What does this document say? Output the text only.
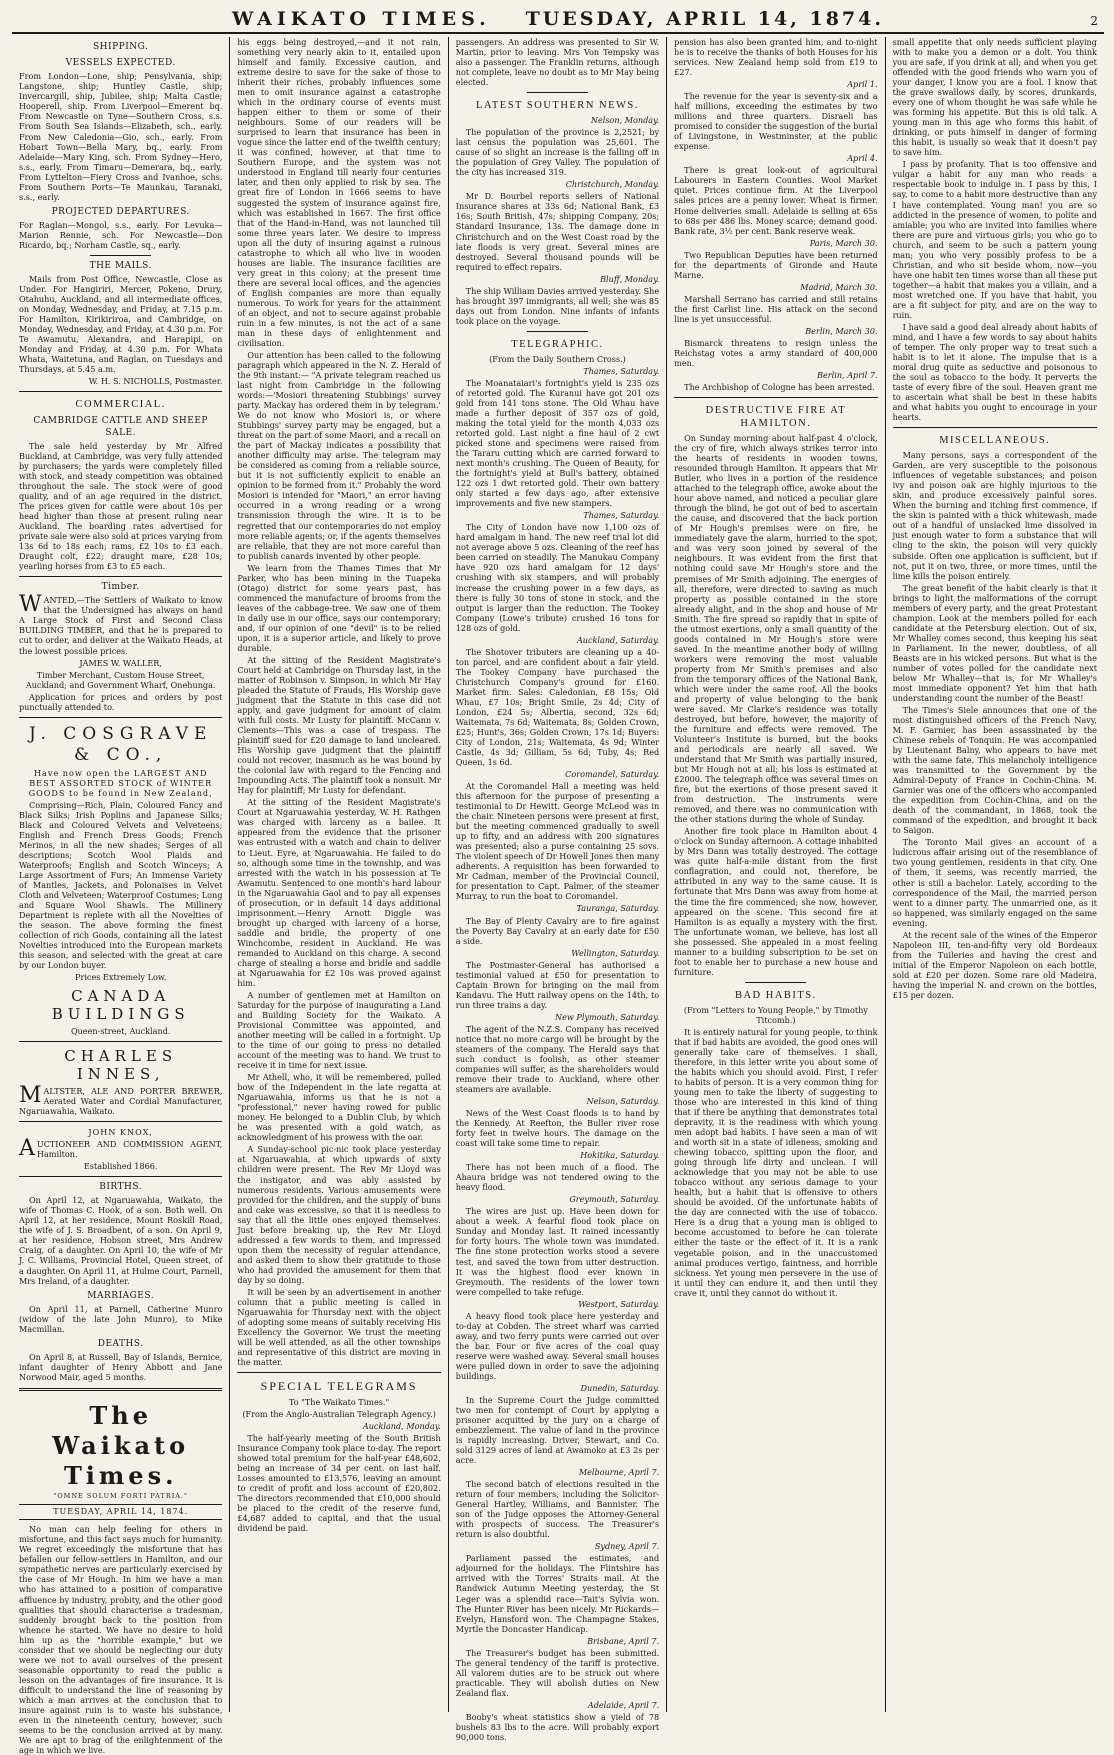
WAIKATO TIMES. TUESDAY, APRIL 14, 1874.	2
SHIPPING.
VESSELS EXPECTED.

From London—Lone, ship; Pensylvania, ship; Langstone, ship; Huntley Castle, ship; Invercargill, ship, Jubilee, ship; Malta Castle; Hooperell, ship. From Liverpool—Emerent bq. From Newcastle on Tyne—Southern Cross, s.s. From South Sea Islands—Elizabeth, sch., early. From New Caledonia—Gio, sch., early. From Hobart Town—Bella Mary, bq., early. From Adelaide—Mary King, sch. From Sydney—Hero, s.s., early. From Timaru—Demerara, bq., early. From Lyttelton—Fiery Cross and Ivanhoe, schs. From Southern Ports—Te Maunkau, Taranaki, s.s., early.

PROJECTED DEPARTURES.

For Raglan—Mongol, s.s., early. For Levuka—Marion Rennie, sch. For Newcastle—Don Ricardo, bq.; Norham Castle, sq., early.

THE MAILS.

Mails from Post Office, Newcastle, Close as Under. For Hangiriri, Mercer, Pokeno, Drury, Otahuhu, Auckland, and all intermediate offices, on Monday, Wednesday, and Friday, at 7.15 p.m. For Hamilton, Kirikiriroa, and Cambridge, on Monday, Wednesday, and Friday, at 4.30 p.m. For Te Awamutu, Alexandra, and Harapipi, on Monday and Friday, at 4.30 p.m. For Whata Whata, Waitetuna, and Raglan, on Tuesdays and Thursdays, at 5.45 a.m.

W. H. S. NICHOLLS, Postmaster.

COMMERCIAL.
CAMBRIDGE CATTLE AND SHEEP SALE.

The sale held yesterday by Mr Alfred Buckland, at Cambridge, was very fully attended by purchasers; the yards were completely filled with stock, and steady competition was obtained throughout the sale. The stock were of good quality, and of an age required in the district. The prices given for cattle were about 10s per head higher than those at present ruling near Auckland. The boarding rates advertised for private sale were also sold at prices varying from 13s 6d to 18s each; rams, £2 10s to £3 each. Draught colt, £22; draught mare, £28 10s; yearling horses from £3 to £5 each.

Timber.

WANTED,—The Settlers of Waikato to know that the Undersigned has always on hand A Large Stock of First and Second Class BUILDING TIMBER, and that he is prepared to cut to order, and deliver at the Waikato Heads, at the lowest possible prices.

JAMES W. WALLER,

Timber Merchant, Custom House Street, Auckland; and Government Wharf, Onehunga.

Application for prices and orders by post punctually attended to.

J. COSGRAVE & CO.,

Have now open the LARGEST AND BEST ASSORTED STOCK of WINTER GOODS to be found in New Zealand,

Comprising—Rich, Plain, Coloured Fancy and Black Silks; Irish Poplins and Japanese Silks; Black and Coloured Velvets and Velveteens; English and French Dress Goods; French Merinos, in all the new shades; Serges of all descriptions; Scotch Wool Plaids and Waterproofs; English and Scotch Winceys; A Large Assortment of Furs; An Immense Variety of Mantles, Jackets, and Polonaises in Velvet Cloth and Velveteen; Waterproof Costumes; Long and Square Wool Shawls. The Millinery Department is replete with all the Novelties of the season. The above forming the finest collection of rich Goods, containing all the latest Novelties introduced into the European markets this season, and selected with the great at care by our London buyer.

Prices Extremely Low.

CANADA BUILDINGS

Queen-street, Auckland.

CHARLES INNES,

MALTSTER, ALE AND PORTER BREWER, Aerated Water and Cordial Manufacturer, Ngaruawahia, Waikato.

JOHN KNOX,

AUCTIONEER AND COMMISSION AGENT, Hamilton.

Established 1866.

BIRTHS.

On April 12, at Ngaruawahia, Waikato, the wife of Thomas C. Hook, of a son. Both well. On April 12, at her residence, Mount Roskill Road, the wife of J. S. Broadbent, of a son. On April 9, at her residence, Hobson street, Mrs Andrew Craig, of a daughter. On April 10, the wife of Mr J. C. Williams, Provincial Hotel, Queen street, of a daughter. On April 11, at Hulme Court, Parnell, Mrs Ireland, of a daughter.

MARRIAGES.

On April 11, at Parnell, Catherine Munro (widow of the late John Munro), to Mike Macmillan.

DEATHS.

On April 8, at Russell, Bay of Islands, Bernice, infant daughter of Henry Abbott and Jane Norwood Mair, aged 5 months.

The Waikato Times.
"OMNE SOLUM FORTI PATRIA."

TUESDAY, APRIL 14, 1874.

No man can help feeling for others in misfortune, and this fact says much for humanity. We regret exceedingly the misfortune that has befallen our fellow-settlers in Hamilton, and our sympathetic nerves are particularly exercised by the case of Mr Hough. In him we have a man who has attained to a position of comparative affluence by industry, probity, and the other good qualities that should characterise a tradesman, suddenly brought back to the position from whence he started. We have no desire to hold him up as the "horrible example," but we consider that we should be neglecting our duty were we not to avail ourselves of the present seasonable opportunity to read the public a lesson on the advantages of fire insurance. It is difficult to understand the line of reasoning by which a man arrives at the conclusion that to insure against ruin is to waste his substance, even in the nineteenth century, however, such seems to be the conclusion arrived at by many. We are apt to brag of the enlightenment of the age in which we live.

his eggs being destroyed,—and it not rain, something very nearly akin to it, entailed upon himself and family. Excessive caution, and extreme desire to save for the sake of those to inherit their riches, probably influences some men to omit insurance against a catastrophe which in the ordinary course of events must happen either to them or some of their neighbours. Some of our readers will be surprised to learn that insurance has been in vogue since the latter end of the twelfth century; it was confined, however, at that time to Southern Europe, and the system was not understood in England till nearly four centuries later, and then only applied to risk by sea. The great fire of London in 1666 seems to have suggested the system of insurance against fire, which was established in 1667. The first office that of the Hand-in-Hand, was not launched till some three years later. We desire to impress upon all the duty of insuring against a ruinous catastrophe to which all who live in wooden houses are liable. The insurance facilities are very great in this colony; at the present time there are several local offices, and the agencies of English companies are more than equally numerous. To work for years for the attainment of an object, and not to secure against probable ruin in a few minutes, is not the act of a sane man in these days of enlightenment and civilisation.

Our attention has been called to the following paragraph which appeared in the N. Z. Herald of the 9th instant:— "A private telegram reached us last night from Cambridge in the following words:—'Mosiori threatening Stubbings' survey party. Mackay has ordered them in by telegram.' We do not know who Mosiori is, or where Stubbings' survey party may be engaged, but a threat on the part of some Maori, and a recall on the part of Mackay indicates a possibility that another difficulty may arise. The telegram may be considered as coming from a reliable source, but it is not sufficiently explicit to enable an opinion to be formed from it." Probably the word Mosiori is intended for "Maori," an error having occurred in a wrong reading or a wrong transmission through the wire. It is to be regretted that our contemporaries do not employ more reliable agents; or, if the agents themselves are reliable, that they are not more careful than to publish canards invented by other people.

We learn from the Thames Times that Mr Parker, who has been mining in the Tuapeka (Otago) district for some years past, has commenced the manufacture of brooms from the leaves of the cabbage-tree. We saw one of them in daily use in our office, says our contemporary; and, if our opinion of one "devil" is to be relied upon, it is a superior article, and likely to prove durable.

At the sitting of the Resident Magistrate's Court held at Cambridge on Thursday last, in the matter of Robinson v. Simpson, in which Mr Hay pleaded the Statute of Frauds, His Worship gave judgment that the Statute in this case did not apply, and gave judgment for amount of claim with full costs. Mr Lusty for plaintiff. McCann v. Clements—This was a case of trespass. The plaintiff sued for £20 damage to land uncleared. His Worship gave judgment that the plaintiff could not recover, inasmuch as he was bound by the colonial law with regard to the Fencing and Impounding Acts. The plaintiff took a nonsuit. Mr Hay for plaintiff; Mr Lusty for defendant.

At the sitting of the Resident Magistrate's Court at Ngaruawahia yesterday, W. H. Rathgen was charged with larceny as a bailee. It appeared from the evidence that the prisoner was entrusted with a watch and chain to deliver to Lieut. Eyre, at Ngaruawahia. He failed to do so, although some time in the township, and was arrested with the watch in his possession at Te Awamutu. Sentenced to one month's hard labour in the Ngaruawahia Gaol and to pay all expenses of prosecution, or in default 14 days additional imprisonment.—Henry Arnott Diggle was brought up charged with larceny of a horse, saddle and bridle, the property of one Winchcombe, resident in Auckland. He was remanded to Auckland on this charge. A second charge of stealing a horse and bridle and saddle at Ngaruawahia for £2 10s was proved against him.

A number of gentlemen met at Hamilton on Saturday for the purpose of inaugurating a Land and Building Society for the Waikato. A Provisional Committee was appointed, and another meeting will be called in a fortnight. Up to the time of our going to press no detailed account of the meeting was to hand. We trust to receive it in time for next issue.

Mr Athell, who, it will be remembered, pulled bow of the Independent in the late regatta at Ngaruawahia, informs us that he is not a "professional," never having rowed for public money. He belonged to a Dublin Club, by which he was presented with a gold watch, as acknowledgment of his prowess with the oar.

A Sunday-school pic-nic took place yesterday at Ngaruawahia, at which upwards of sixty children were present. The Rev Mr Lloyd was the instigator, and was ably assisted by numerous residents. Various amusements were provided for the children, and the supply of buns and cake was excessive, so that it is needless to say that all the little ones enjoyed themselves. Just before breaking up, the Rev Mr Lloyd addressed a few words to them, and impressed upon them the necessity of regular attendance, and asked them to show their gratitude to those who had provided the amusement for them that day by so doing.

It will be seen by an advertisement in another column that a public meeting is called in Ngaruawahia for Thursday next with the object of adopting some means of suitably receiving His Excellency the Governor. We trust the meeting will be well attended, as all the other townships and representative of this district are moving in the matter.

SPECIAL TELEGRAMS

To "The Waikato Times."

(From the Anglo-Australian Telegraph Agency.)

Auckland, Monday.

The half-yearly meeting of the South British Insurance Company took place to-day. The report showed total premium for the half-year £48,602, being an increase of 34 per cent. on last half. Losses amounted to £13,576, leaving an amount to credit of profit and loss account of £20,802. The directors recommended that £10,000 should be placed to the credit of the reserve fund, £4,687 added to capital, and that the usual dividend be paid.

passengers. An address was presented to Sir W. Martin, prior to leaving. Mrs Von Tempsky was also a passenger. The Franklin returns, although not complete, leave no doubt as to Mr May being elected.

LATEST SOUTHERN NEWS.

Nelson, Monday.

The population of the province is 2,2521; by last census the population was 25,601. The cause of so slight an increase is the falling off in the population of Grey Valley. The population of the city has increased 319.

Christchurch, Monday.

Mr D. Bourbel reports sellers of National Insurance shares at 33s 6d; National Bank, £3 16s; South British, 47s; shipping Company, 20s; Standard Insurance, 13s. The damage done in Christchurch and on the West Coast road by the late floods is very great. Several mines are destroyed. Several thousand pounds will be required to effect repairs.

Bluff, Monday.

The ship William Davies arrived yesterday. She has brought 397 immigrants, all well; she was 85 days out from London. Nine infants of infants took place on the voyage.

TELEGRAPHIC.

(From the Daily Southern Cross.)

Thames, Saturday.

The Moanataiari's fortnight's yield is 235 ozs of retorted gold. The Kuranui have got 201 ozs gold from 141 tons stone. The Old Whau have made a further deposit of 357 ozs of gold, making the total yield for the month 4,033 ozs retorted gold. Last night a fine haul of 2 cwt picked stone and specimens were raised from the Tararu cutting which are carried forward to next month's crushing. The Queen of Beauty, for the fortnight's yield at Bull's battery, obtained 122 ozs 1 dwt retorted gold. Their own battery only started a few days ago, after extensive improvements and five new stampers.

Thames, Saturday.

The City of London have now 1,100 ozs of hard amalgam in hand. The new reef trial lot did not average above 5 ozs. Cleaning of the reef has been carried on steadily. The Manukau Company have 920 ozs hard amalgam for 12 days' crushing with six stampers, and will probably increase the crushing power in a few days, as there is fully 30 tons of stone in stock, and the output is larger than the reduction. The Tookey Company (Lowe's tribute) crushed 16 tons for 128 ozs of gold.

Auckland, Saturday.

The Shotover tributers are cleaning up a 40-ton parcel, and are confident about a fair yield. The Tookey Company have purchased the Christchurch Company's ground for £160. Market firm. Sales: Caledonian, £8 15s; Old Whau, £7 10s; Bright Smile, 2s 4d; City of London, £24 5s; Albertia, second, 32s 6d; Waitemata, 7s 6d; Waitemata, 8s; Golden Crown, £25; Hunt's, 36s; Golden Crown, 17s 1d; Buyers: City of London, 21s; Waitemata, 4s 9d; Winter Castle, 4s 3d; Gilliam, 5s 6d; Tuby, 4s; Red Queen, 1s 6d.

Coromandel, Saturday.

At the Coromandel Hall a meeting was held this afternoon for the purpose of presenting a testimonial to Dr Hewitt. George McLeod was in the chair. Nineteen persons were present at first, but the meeting commenced gradually to swell up to fifty, and an address with 200 signatures was presented; also a purse containing 25 sovs. The violent speech of Dr Howell Jones then many adherents. A requisition has been forwarded to Mr Cadman, member of the Provincial Council, for presentation to Capt. Palmer, of the steamer Murray, to run the boat to Coromandel.

Tauranga, Saturday.

The Bay of Plenty Cavalry are to fire against the Poverty Bay Cavalry at an early date for £50 a side.

Wellington, Saturday.

The Postmaster-General has authorised a testimonial valued at £50 for presentation to Captain Brown for bringing on the mail from Kandavu. The Hutt railway opens on the 14th, to run three trains a day.

New Plymouth, Saturday.

The agent of the N.Z.S. Company has received notice that no more cargo will be brought by the steamers of the company. The Herald says that such conduct is foolish, as other steamer companies will suffer, as the shareholders would remove their trade to Auckland, where other steamers are available.

Nelson, Saturday.

News of the West Coast floods is to hand by the Kennedy. At Reefton, the Buller river rose forty feet in twelve hours. The damage on the coast will take some time to repair.

Hokitika, Saturday.

There has not been much of a flood. The Ahaura bridge was not tendered owing to the heavy flood.

Greymouth, Saturday.

The wires are just up. Have been down for about a week. A fearful flood took place on Sunday and Monday last. It rained incessantly for forty hours. The whole town was inundated. The fine stone protection works stood a severe test, and saved the town from utter destruction. It was the highest flood ever known in Greymouth. The residents of the lower town were compelled to take refuge.

Westport, Saturday.

A heavy flood took place here yesterday and to-day at Cobden. The street wharf was carried away, and two ferry punts were carried out over the bar. Four or five acres of the coal quay reserve were washed away. Several small houses were pulled down in order to save the adjoining buildings.

Dunedin, Saturday.

In the Supreme Court the Judge committed two men for contempt of Court by applying a prisoner acquitted by the jury on a charge of embezzlement. The value of land in the province is rapidly increasing. Driver, Stewart, and Co. sold 3129 acres of land at Awamoko at £3 2s per acre.

Melbourne, April 7.

The second batch of elections resulted in the return of four members, including the Solicitor-General Hartley, Williams, and Bannister. The son of the Judge opposes the Attorney-General with prospects of success. The Treasurer's return is also doubtful.

Sydney, April 7.

Parliament passed the estimates, and adjourned for the holidays. The Flintshire has arrived with the Torres' Straits mail. At the Randwick Autumn Meeting yesterday, the St Leger was a splendid race—Tait's Sylvia won. The Hunter River has been nicely. Mr Rickards—Evelyn, Hansford won. The Champagne Stakes, Myrtle the Doncaster Handicap.

Brisbane, April 7.

The Treasurer's budget has been submitted. The general tendency of the tariff is protective. All valorem duties are to be struck out where practicable. They will abolish duties on New Zealand flax.

Adelaide, April 7.

Booby's wheat statistics show a yield of 78 bushels 83 lbs to the acre. Will probably export 90,000 tons.

pension has also been granted him, and to-night he is to receive the thanks of both Houses for his services. New Zealand hemp sold from £19 to £27.

April 1.

The revenue for the year is seventy-six and a half millions, exceeding the estimates by two millions and three quarters. Disraeli has promised to consider the suggestion of the burial of Livingstone, in Westminster, at the public expense.

April 4.

There is great look-out of agricultural Labourers in Eastern Counties. Wool Market quiet. Prices continue firm. At the Liverpool sales prices are a penny lower. Wheat is firmer. Home deliveries small. Adelaide is selling at 65s to 68s per 486 lbs. Money scarce; demand good. Bank rate, 3½ per cent. Bank reserve weak.

Paris, March 30.

Two Republican Deputies have been returned for the departments of Gironde and Haute Marne.

Madrid, March 30.

Marshall Serrano has carried and still retains the first Carlist line. His attack on the second line is yet unsuccessful.

Berlin, March 30.

Bismarck threatens to resign unless the Reichstag votes a army standard of 400,000 men.

Berlin, April 7.

The Archbishop of Cologne has been arrested.

DESTRUCTIVE FIRE AT HAMILTON.

On Sunday morning about half-past 4 o'clock, the cry of fire, which always strikes terror into the hearts of residents in wooden towns, resounded through Hamilton. It appears that Mr Butler, who lives in a portion of the residence attached to the telegraph office, awoke about the hour above named, and noticed a peculiar glare through the blind, he got out of bed to ascertain the cause, and discovered that the back portion of Mr Hough's premises were on fire, he immediately gave the alarm, hurried to the spot, and was very soon joined by several of the neighbours. It was evident from the first that nothing could save Mr Hough's store and the premises of Mr Smith adjoining. The energies of all, therefore, were directed to saving as much property as possible contained in the store already alight, and in the shop and house of Mr Smith. The fire spread so rapidly that in spite of the utmost exertions, only a small quantity of the goods contained in Mr Hough's store were saved. In the meantime another body of willing workers were removing the most valuable property from Mr Smith's premises and also from the temporary offices of the National Bank, which were under the same roof. All the books and property of value belonging to the bank were saved. Mr Clarke's residence was totally destroyed, but before, however, the majority of the furniture and effects were removed. The Volunteer's Institute is burned, but the books and periodicals are nearly all saved. We understand that Mr Smith was partially insured, but Mr Hough not at all; his loss is estimated at £2000. The telegraph office was several times on fire, but the exertions of those present saved it from destruction. The instruments were removed, and there was no communication with the other stations during the whole of Sunday.

Another fire took place in Hamilton about 4 o'clock on Sunday afternoon. A cottage inhabited by Mrs Dann was totally destroyed. The cottage was quite half-a-mile distant from the first conflagration, and could not, therefore, be attributed in any way to the same cause. It is fortunate that Mrs Dann was away from home at the time the fire commenced; she now, however, appeared on the scene. This second fire at Hamilton is as equally a mystery with the first. The unfortunate woman, we believe, has lost all she possessed. She appealed in a most feeling manner to a building subscription to be set on foot to enable her to purchase a new house and furniture.

BAD HABITS.

(From "Letters to Young People," by Timothy Titcomb.)

It is entirely natural for young people, to think that if bad habits are avoided, the good ones will generally take care of themselves. I shall, therefore, in this letter write you about some of the habits which you should avoid. First, I refer to habits of person. It is a very common thing for young men to take the liberty of suggesting to those who are interested in this kind of thing that if there be anything that demonstrates total depravity, it is the readiness with which young men adopt bad habits. I have seen a man of wit and worth sit in a state of idleness, smoking and chewing tobacco, spitting upon the floor, and going through life dirty and unclean. I will acknowledge that you may not be able to use tobacco without any serious damage to your health, but a habit that is offensive to others should be avoided. Of the unfortunate habits of the day are connected with the use of tobacco. Here is a drug that a young man is obliged to become accustomed to before he can tolerate either the taste or the effect of it. It is a rank vegetable poison, and in the unaccustomed animal produces vertigo, faintness, and horrible sickness. Yet young men persevere in the use of it until they can endure it, and then until they crave it, until they cannot do without it.

small appetite that only needs sufficient playing with to make you a demon or a dolt. You think you are safe, if you drink at all; and when you get offended with the good friends who warn you of your danger, I know you are a fool. I know that the grave swallows daily, by scores, drunkards, every one of whom thought he was safe while he was forming his appetite. But this is old talk. A young man in this age who forms this habit of drinking, or puts himself in danger of forming this habit, is usually so weak that it doesn't pay to save him.

I pass by profanity. That is too offensive and vulgar a habit for any man who reads a respectable book to indulge in. I pass by this, I say, to come to a habit more destructive than any I have contemplated. Young man! you are so addicted in the presence of women, to polite and amiable; you who are invited into families where there are pure and virtuous girls; you who go to church, and seem to be such a pattern young man; you who very possibly profess to be a Christian, and who sit beside whom, now—you have one habit ten times worse than all these put together—a habit that makes you a villain, and a most wretched one. If you have that habit, you are a fit subject for pity, and are on the way to ruin.

I have said a good deal already about habits of mind, and I have a few words to say about habits of temper. The only proper way to treat such a habit is to let it alone. The impulse that is a moral drug quite as seductive and poisonous to the soul as tobacco to the body. It perverts the taste of every fibre of the soul. Heaven grant me to ascertain what shall be best in these habits and what habits you ought to encourage in your hearts.

MISCELLANEOUS.

Many persons, says a correspondent of the Garden, are very susceptible to the poisonous influences of vegetable substances; and poison ivy and poison oak are highly injurious to the skin, and produce excessively painful sores. When the burning and itching first commence, if the skin is painted with a thick whitewash, made out of a handful of unslacked lime dissolved in just enough water to form a substance that will cling to the skin, the poison will very quickly subside. Often one application is sufficient, but if not, put it on two, three, or more times, until the lime kills the poison entirely.

The great benefit of the habit clearly is that it brings to light the malformations of the corrupt members of every party, and the great Protestant champion. Look at the members polled for each candidate at the Petersburg election. Out of six, Mr Whalley comes second, thus keeping his seat in Parliament. In the newer, doubtless, of all Beasts are in his wicked persons. But what is the number of votes polled for the candidate next below Mr Whalley—that is, for Mr Whalley's most immediate opponent? Yet him that hath understanding count the number of the Beast!

The Times's Siele announces that one of the most distinguished officers of the French Navy, M. F. Garnier, has been assassinated by the Chinese rebels of Tonquin. He was accompanied by Lieutenant Balny, who appears to have met with the same fate. This melancholy intelligence was transmitted to the Government by the Admiral-Deputy of France in Cochin-China. M. Garnier was one of the officers who accompanied the expedition from Cochin-China, and on the death of the commandant, in 1868, took the command of the expedition, and brought it back to Saigon.

The Toronto Mail gives an account of a ludicrous affair arising out of the resemblance of two young gentlemen, residents in that city. One of them, it seems, was recently married, the other is still a bachelor. Lately, according to the correspondence of the Mail, the married person went to a dinner party. The unmarried one, as it so happened, was similarly engaged on the same evening.

At the recent sale of the wines of the Emperor Napoleon III, ten-and-fifty very old Bordeaux from the Tuileries and having the crest and initial of the Emperor Napoleon on each bottle, sold at £20 per dozen. Some rare old Madeira, having the imperial N. and crown on the bottles, £15 per dozen.
